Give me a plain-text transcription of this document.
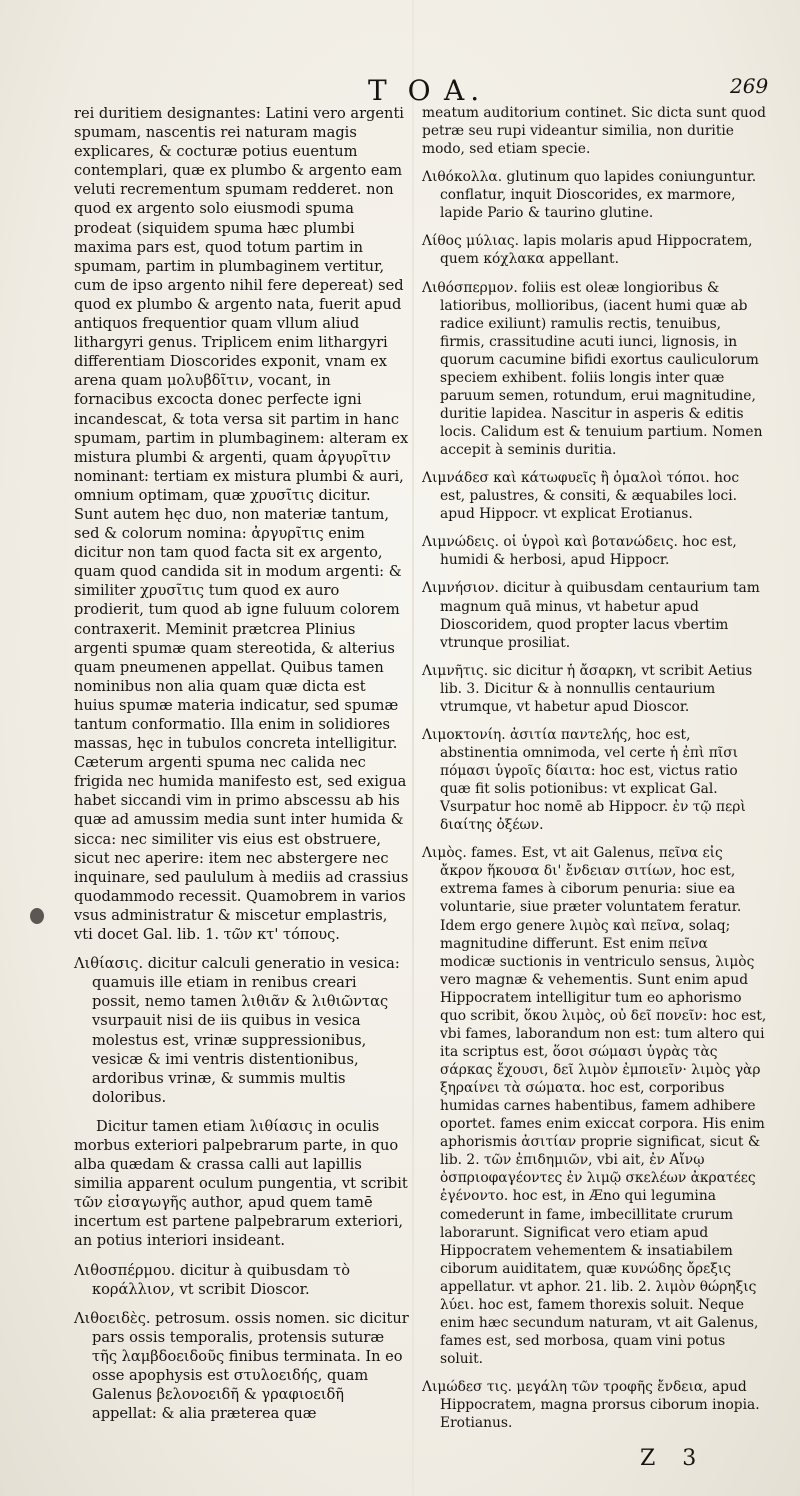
T O A.	269

rei duritiem designantes: Latini vero argenti spumam, nascentis rei naturam magis explicares, & cocturæ potius euentum contemplari, quæ ex plumbo & argento eam veluti recrementum spumam redderet. non quod ex argento solo eiusmodi spuma prodeat (siquidem spuma hæc plumbi maxima pars est, quod totum partim in spumam, partim in plumbaginem vertitur, cum de ipso argento nihil fere depereat) sed quod ex plumbo & argento nata, fuerit apud antiquos frequentior quam vllum aliud lithargyri genus. Triplicem enim lithargyri differentiam Dioscorides exponit, vnam ex arena quam μολυβδῖτιν, vocant, in fornacibus excocta donec perfecte igni incandescat, & tota versa sit partim in hanc spumam, partim in plumbaginem: alteram ex mistura plumbi & argenti, quam ἀργυρῖτιν nominant: tertiam ex mistura plumbi & auri, omnium optimam, quæ χρυσῖτις dicitur. Sunt autem hęc duo, non materiæ tantum, sed & colorum nomina: ἀργυρῖτις enim dicitur non tam quod facta sit ex argento, quam quod candida sit in modum argenti: & similiter χρυσῖτις tum quod ex auro prodierit, tum quod ab igne fuluum colorem contraxerit. Meminit prætcrea Plinius argenti spumæ quam stereotida, & alterius quam pneumenen appellat. Quibus tamen nominibus non alia quam quæ dicta est huius spumæ materia indicatur, sed spumæ tantum conformatio. Illa enim in solidiores massas, hęc in tubulos concreta intelligitur. Cæterum argenti spuma nec calida nec frigida nec humida manifesto est, sed exigua habet siccandi vim in primo abscessu ab his quæ ad amussim media sunt inter humida & sicca: nec similiter vis eius est obstruere, sicut nec aperire: item nec abstergere nec inquinare, sed paululum à mediis ad crassius quodammodo recessit. Quamobrem in varios vsus administratur & miscetur emplastris, vti docet Gal. lib. 1. τῶν κτ' τόπους.

Λιθίασις. dicitur calculi generatio in vesica: quamuis ille etiam in renibus creari possit, nemo tamen λιθιᾶν & λιθιῶντας vsurpauit nisi de iis quibus in vesica molestus est, vrinæ suppressionibus, vesicæ & imi ventris distentionibus, ardoribus vrinæ, & summis multis doloribus.

Dicitur tamen etiam λιθίασις in oculis morbus exteriori palpebrarum parte, in quo alba quædam & crassa calli aut lapillis similia apparent oculum pungentia, vt scribit τῶν εἰσαγωγῆς author, apud quem tamē incertum est partene palpebrarum exteriori, an potius interiori insideant.

Λιθοσπέρμου. dicitur à quibusdam τὸ κοράλλιον, vt scribit Dioscor.

Λιθοειδὲς. petrosum. ossis nomen. sic dicitur pars ossis temporalis, protensis suturæ τῆς λαμβδοειδοῦς finibus terminata. In eo osse apophysis est στυλοειδής, quam Galenus βελονοειδῆ & γραφιοειδῆ appellat: & alia præterea quæ

meatum auditorium continet. Sic dicta sunt quod petræ seu rupi videantur similia, non duritie modo, sed etiam specie.

Λιθόκολλα. glutinum quo lapides coniunguntur. conflatur, inquit Dioscorides, ex marmore, lapide Pario & taurino glutine.

Λίθος μύλιας. lapis molaris apud Hippocratem, quem κόχλακα appellant.

Λιθόσπερμον. foliis est oleæ longioribus & latioribus, mollioribus, (iacent humi quæ ab radice exiliunt) ramulis rectis, tenuibus, firmis, crassitudine acuti iunci, lignosis, in quorum cacumine bifidi exortus cauliculorum speciem exhibent. foliis longis inter quæ paruum semen, rotundum, erui magnitudine, duritie lapidea. Nascitur in asperis & editis locis. Calidum est & tenuium partium. Nomen accepit à seminis duritia.

Λιμνάδεσ καὶ κάτωφυεῖς ἢ ὁμαλοὶ τόποι. hoc est, palustres, & consiti, & æquabiles loci. apud Hippocr. vt explicat Erotianus.

Λιμνώδεις. οἱ ὑγροὶ καὶ βοτανώδεις. hoc est, humidi & herbosi, apud Hippocr.

Λιμνήσιον. dicitur à quibusdam centaurium tam magnum quā minus, vt habetur apud Dioscoridem, quod propter lacus vbertim vtrunque prosiliat.

Λιμνῆτις. sic dicitur ἡ ἄσαρκη, vt scribit Aetius lib. 3. Dicitur & à nonnullis centaurium vtrumque, vt habetur apud Dioscor.

Λιμοκτονίη. ἀσιτία παντελής, hoc est, abstinentia omnimoda, vel certe ἡ ἐπὶ πῖσι πόμασι ὑγροῖς δίαιτα: hoc est, victus ratio quæ fit solis potionibus: vt explicat Gal. Vsurpatur hoc nomē ab Hippocr. ἐν τῷ περὶ διαίτης ὀξέων.

Λιμὸς. fames. Est, vt ait Galenus, πεῖνα εἰς ἄκρον ἥκουσα δι' ἔνδειαν σιτίων, hoc est, extrema fames à ciborum penuria: siue ea voluntarie, siue præter voluntatem feratur. Idem ergo genere λιμὸς καὶ πεῖνα, solaq; magnitudine differunt. Est enim πεῖνα modicæ suctionis in ventriculo sensus, λιμὸς vero magnæ & vehementis. Sunt enim apud Hippocratem intelligitur tum eo aphorismo quo scribit, ὅκου λιμὸς, οὐ δεῖ πονεῖν: hoc est, vbi fames, laborandum non est: tum altero qui ita scriptus est, ὅσοι σώμασι ὑγρὰς τὰς σάρκας ἔχουσι, δεῖ λιμὸν ἐμποιεῖν· λιμὸς γὰρ ξηραίνει τὰ σώματα. hoc est, corporibus humidas carnes habentibus, famem adhibere oportet. fames enim exiccat corpora. His enim aphorismis ἀσιτίαν proprie significat, sicut & lib. 2. τῶν ἐπιδημιῶν, vbi ait, ἐν Αἴνῳ ὀσπριοφαγέοντες ἐν λιμῷ σκελέων ἀκρατέες ἐγένοντο. hoc est, in Æno qui legumina comederunt in fame, imbecillitate crurum laborarunt. Significat vero etiam apud Hippocratem vehementem & insatiabilem ciborum auiditatem, quæ κυνώδης ὄρεξις appellatur. vt aphor. 21. lib. 2. λιμὸν θώρηξις λύει. hoc est, famem thorexis soluit. Neque enim hæc secundum naturam, vt ait Galenus, fames est, sed morbosa, quam vini potus soluit.

Λιμώδεσ τις. μεγάλη τῶν τροφῆς ἔνδεια, apud Hippocratem, magna prorsus ciborum inopia. Erotianus.

Z 3
